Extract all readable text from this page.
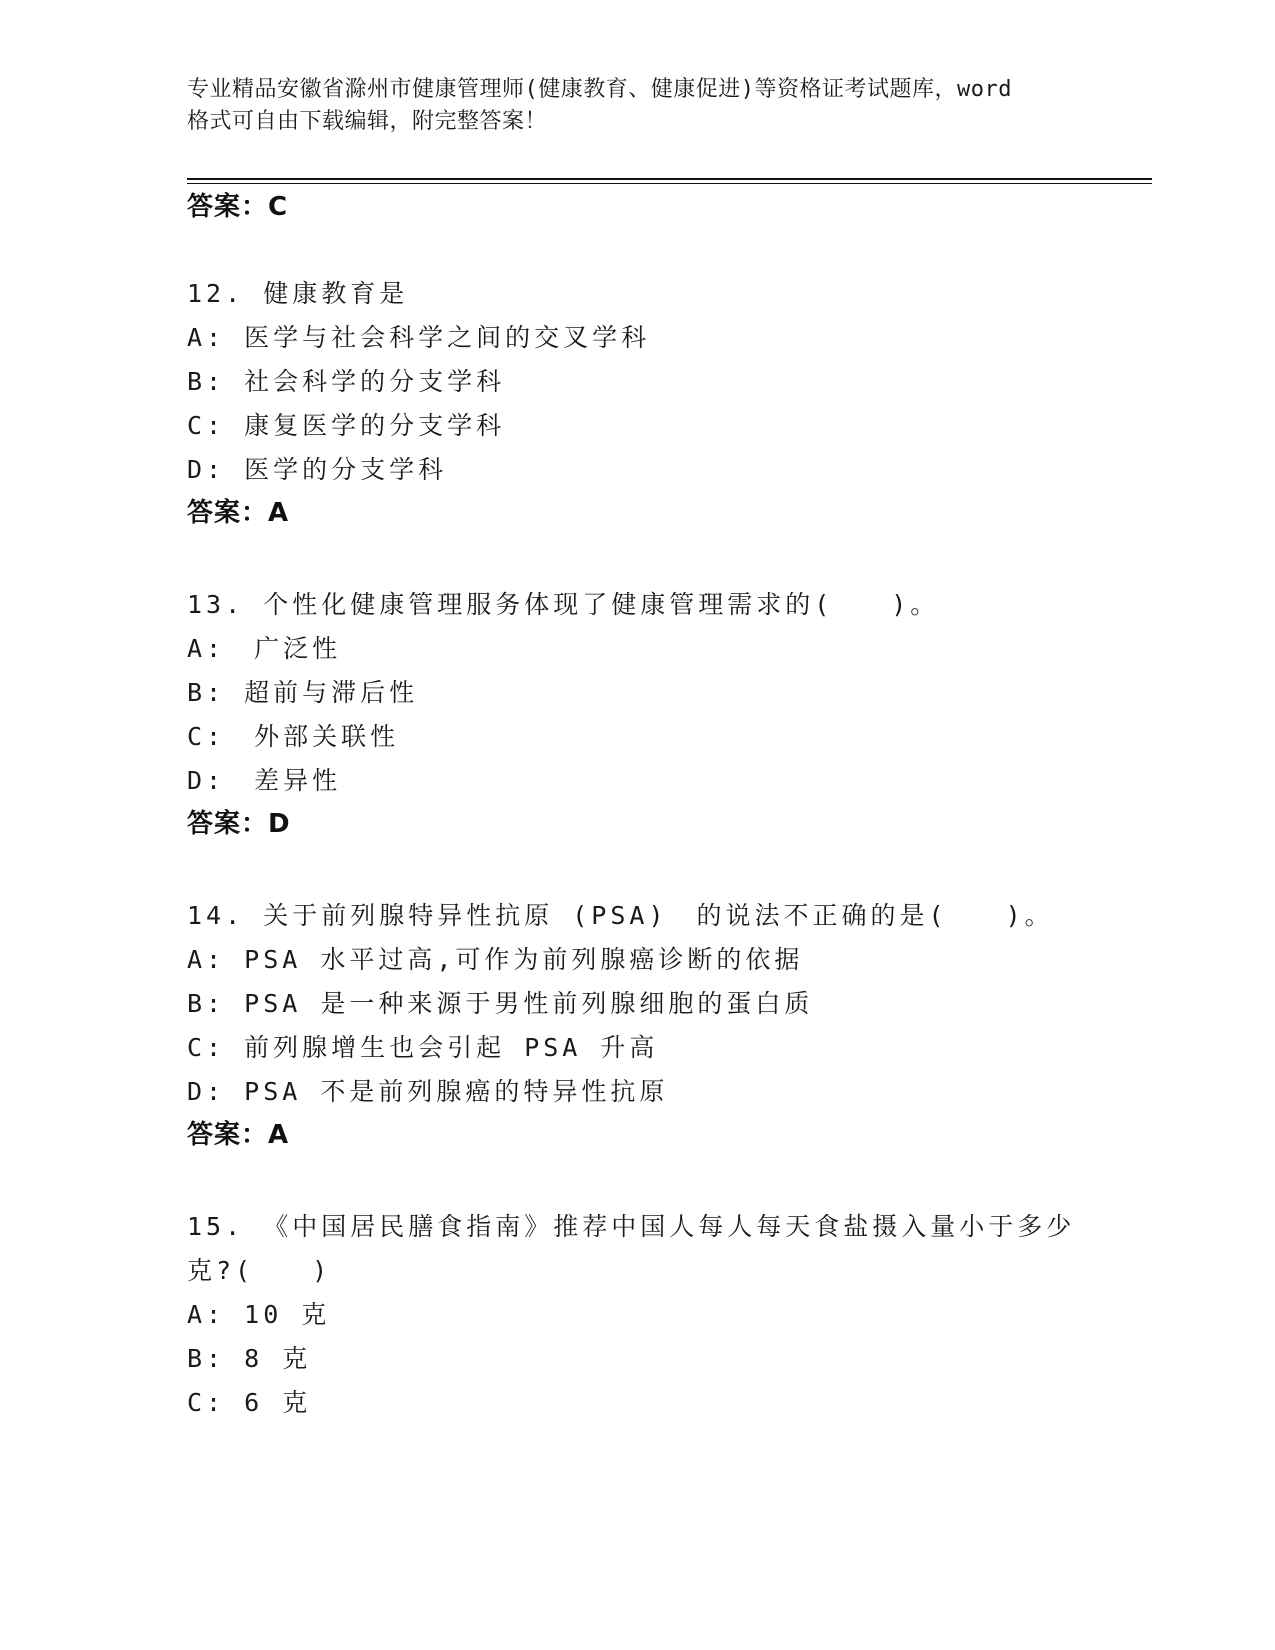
专业精品安徽省滁州市健康管理师(健康教育、健康促进)等资格证考试题库，word
格式可自由下载编辑，附完整答案！
答案：C
12. 健康教育是
A: 医学与社会科学之间的交叉学科
B: 社会科学的分支学科
C: 康复医学的分支学科
D: 医学的分支学科
答案：A
13. 个性化健康管理服务体现了健康管理需求的(　　)。
A:　广泛性
B: 超前与滞后性
C:　外部关联性
D:　差异性
答案：D
14. 关于前列腺特异性抗原 (PSA)　的说法不正确的是(　　)。
A: PSA 水平过高,可作为前列腺癌诊断的依据
B: PSA 是一种来源于男性前列腺细胞的蛋白质
C: 前列腺增生也会引起 PSA 升高
D: PSA 不是前列腺癌的特异性抗原
答案：A
15. 《中国居民膳食指南》推荐中国人每人每天食盐摄入量小于多少
克?(　　)
A: 10 克
B: 8 克
C: 6 克
